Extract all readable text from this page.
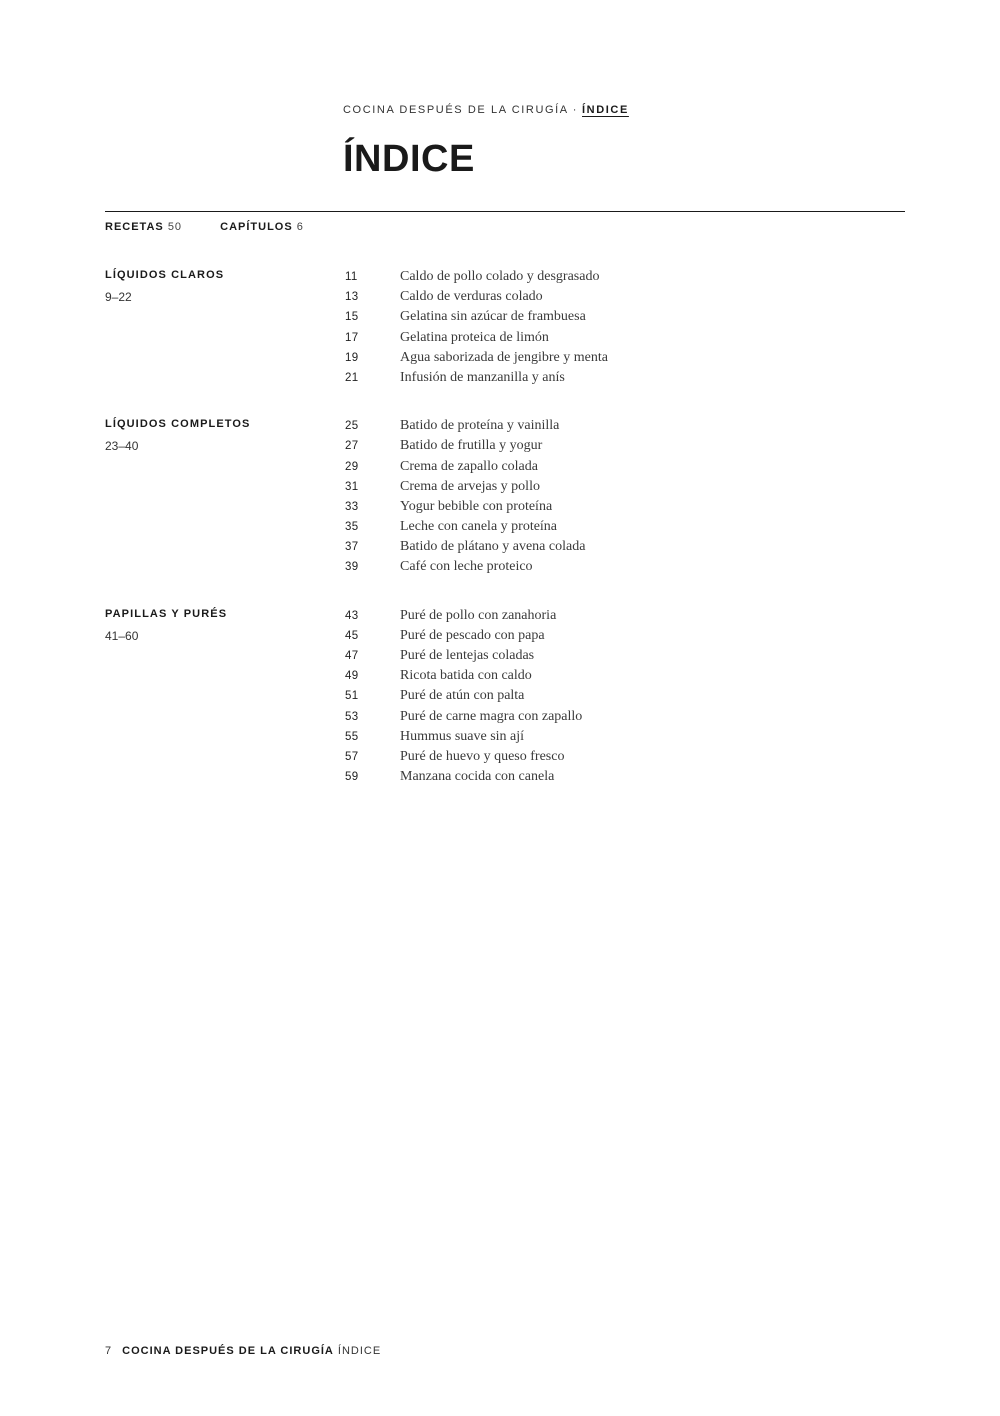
COCINA DESPUÉS DE LA CIRUGÍA · ÍNDICE
ÍNDICE
RECETAS 50	CAPÍTULOS 6
LÍQUIDOS CLAROS
9–22
11	Caldo de pollo colado y desgrasado
13	Caldo de verduras colado
15	Gelatina sin azúcar de frambuesa
17	Gelatina proteica de limón
19	Agua saborizada de jengibre y menta
21	Infusión de manzanilla y anís
LÍQUIDOS COMPLETOS
23–40
25	Batido de proteína y vainilla
27	Batido de frutilla y yogur
29	Crema de zapallo colada
31	Crema de arvejas y pollo
33	Yogur bebible con proteína
35	Leche con canela y proteína
37	Batido de plátano y avena colada
39	Café con leche proteico
PAPILLAS Y PURÉS
41–60
43	Puré de pollo con zanahoria
45	Puré de pescado con papa
47	Puré de lentejas coladas
49	Ricota batida con caldo
51	Puré de atún con palta
53	Puré de carne magra con zapallo
55	Hummus suave sin ají
57	Puré de huevo y queso fresco
59	Manzana cocida con canela
7 COCINA DESPUÉS DE LA CIRUGÍA ÍNDICE
